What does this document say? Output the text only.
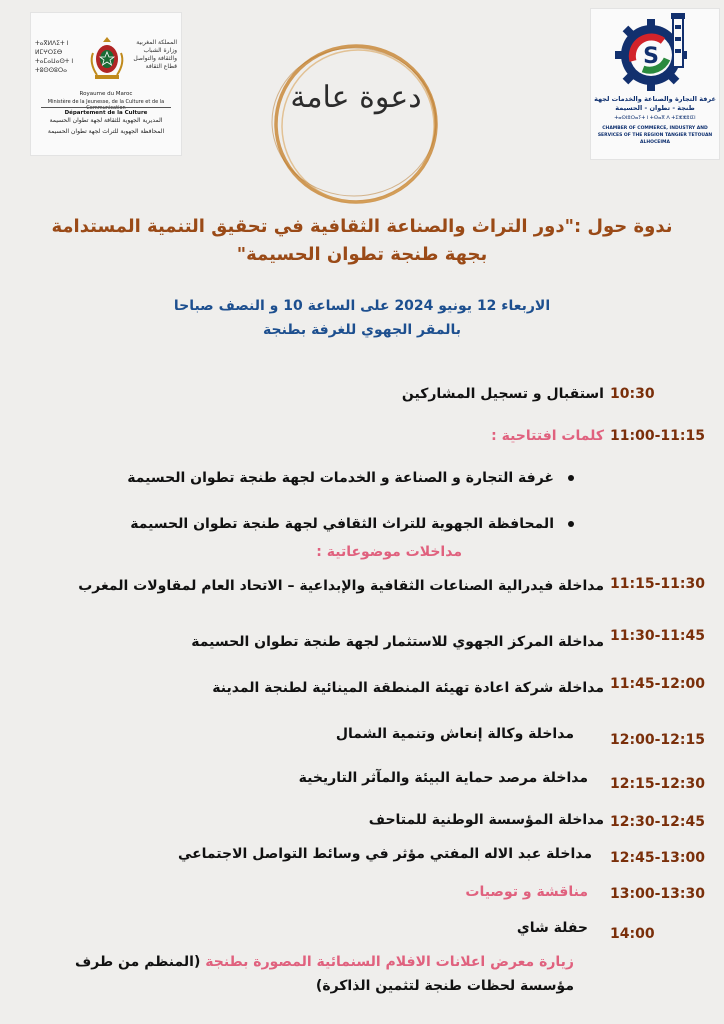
ⵜⴰⴳⵍⴷⵉⵜ ⵏ ⵍⵎⵖⵔⵉⴱ ⵜⴰⵎⴰⵡⴰⵙⵜ ⵏ ⵜⵓⵙⵙⵓⵔⴰ
المملكة المغربية وزارة الشباب والثقافة والتواصل قطاع الثقافة
Royaume du Maroc
Ministère de la Jeunesse, de la Culture et de la Communication
Département de la Culture
المديرية الجهوية للثقافة لجهة تطوان الحسيمة
المحافظة الجهوية للتراث لجهة تطوان الحسيمة
S
غرفة التجارة والصناعة والخدمات لجهة طنجة - تطوان - الحسيمة
ⵜⴰⵙⵏⵓⵔⴰⵢⵜ ⵏ ⵜⵙⴰⴳ ⴷ ⵜⵉⵣⵣⵓⵏⵉⵏ
CHAMBER OF COMMERCE, INDUSTRY AND SERVICES OF THE REGION TANGIER TETOUAN ALHOCEIMA
دعوة عامة
ندوة حول :"دور التراث والصناعة الثقافية في تحقيق التنمية المستدامة
بجهة طنجة تطوان الحسيمة"
الاربعاء 12 يونيو 2024 على الساعة 10 و النصف صباحا
بالمقر الجهوي للغرفة بطنجة
10:30
استقبال و تسجيل المشاركين
11:00-11:15
كلمات افتتاحية :
غرفة التجارة و الصناعة و الخدمات لجهة طنجة تطوان الحسيمة
المحافظة الجهوية للتراث الثقافي لجهة طنجة تطوان الحسيمة
مداخلات موضوعاتية :
11:15-11:30
مداخلة فيدرالية الصناعات الثقافية والإبداعية – الاتحاد العام لمقاولات المغرب
11:30-11:45
مداخلة المركز الجهوي للاستثمار لجهة طنجة تطوان الحسيمة
11:45-12:00
مداخلة شركة اعادة تهيئة المنطقة المينائية لطنجة المدينة
12:00-12:15
مداخلة وكالة إنعاش وتنمية الشمال
12:15-12:30
مداخلة مرصد حماية البيئة والمآثر التاريخية
12:30-12:45
مداخلة المؤسسة الوطنية للمتاحف
12:45-13:00
مداخلة عبد الاله المفتي مؤثر في وسائط التواصل الاجتماعي
13:00-13:30
مناقشة و توصيات
14:00
حفلة شاي
زيارة معرض اعلانات الافلام السنمائية المصورة بطنجة (المنظم من طرف
مؤسسة لحظات طنجة لتثمين الذاكرة)
